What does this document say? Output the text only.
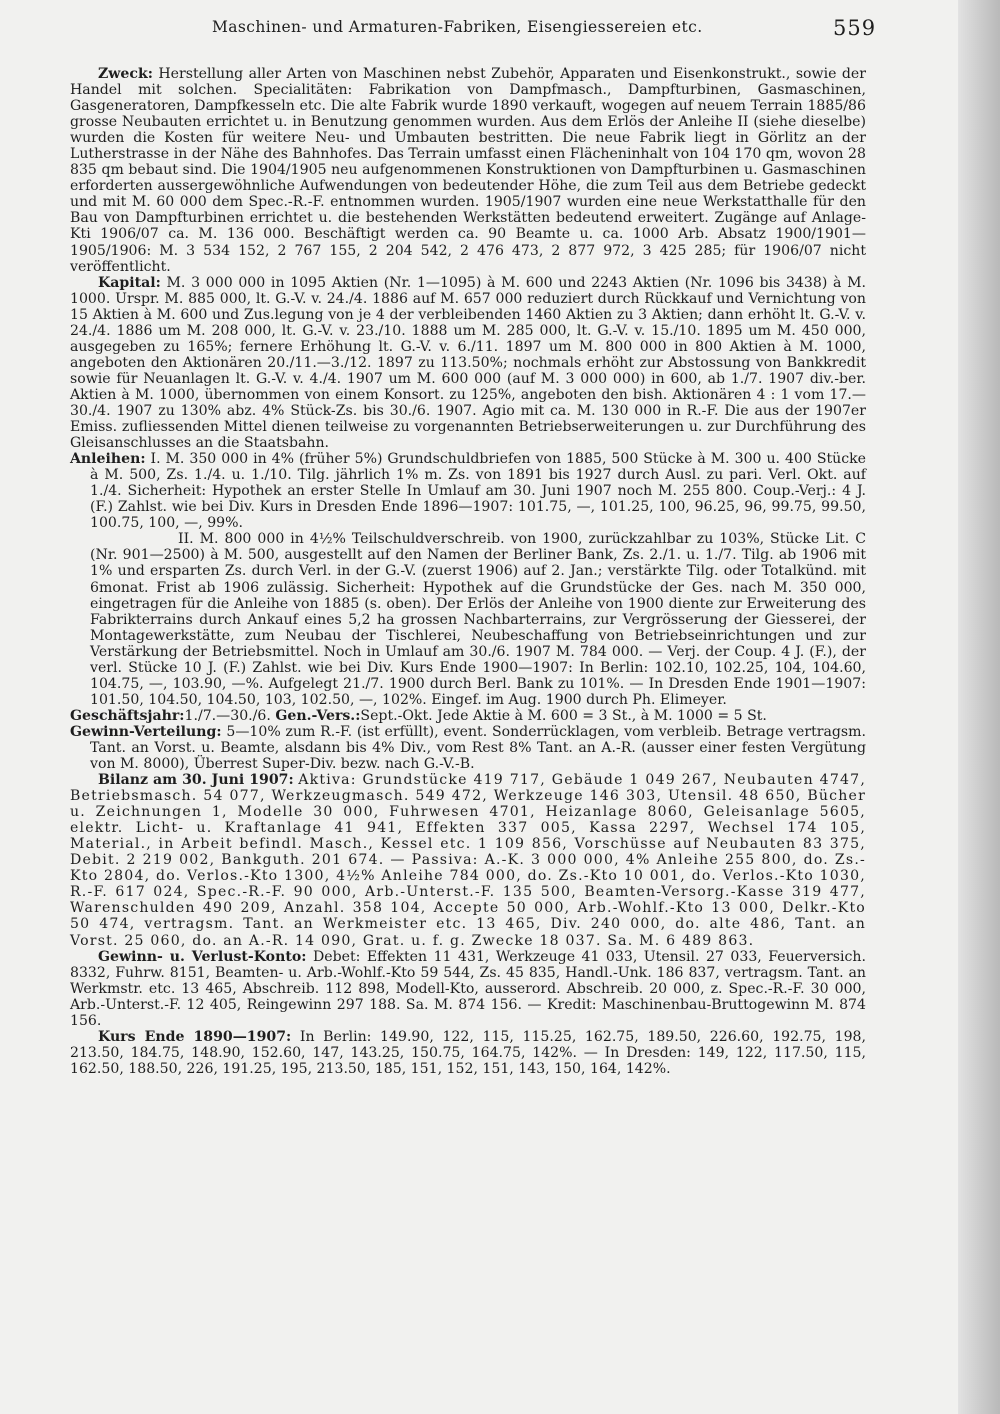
Maschinen- und Armaturen-Fabriken, Eisengiessereien etc.	559

Zweck: Herstellung aller Arten von Maschinen nebst Zubehör, Apparaten und Eisenkonstrukt., sowie der Handel mit solchen. Specialitäten: Fabrikation von Dampfmasch., Dampfturbinen, Gasmaschinen, Gasgeneratoren, Dampfkesseln etc. Die alte Fabrik wurde 1890 verkauft, wogegen auf neuem Terrain 1885/86 grosse Neubauten errichtet u. in Benutzung genommen wurden. Aus dem Erlös der Anleihe II (siehe dieselbe) wurden die Kosten für weitere Neu- und Umbauten bestritten. Die neue Fabrik liegt in Görlitz an der Lutherstrasse in der Nähe des Bahnhofes. Das Terrain umfasst einen Flächeninhalt von 104 170 qm, wovon 28 835 qm bebaut sind. Die 1904/1905 neu aufgenommenen Konstruktionen von Dampfturbinen u. Gasmaschinen erforderten aussergewöhnliche Aufwendungen von bedeutender Höhe, die zum Teil aus dem Betriebe gedeckt und mit M. 60 000 dem Spec.-R.-F. entnommen wurden. 1905/1907 wurden eine neue Werkstatthalle für den Bau von Dampfturbinen errichtet u. die bestehenden Werkstätten bedeutend erweitert. Zugänge auf Anlage-Kti 1906/07 ca. M. 136 000. Beschäftigt werden ca. 90 Beamte u. ca. 1000 Arb. Absatz 1900/1901—1905/1906: M. 3 534 152, 2 767 155, 2 204 542, 2 476 473, 2 877 972, 3 425 285; für 1906/07 nicht veröffentlicht.

Kapital: M. 3 000 000 in 1095 Aktien (Nr. 1—1095) à M. 600 und 2243 Aktien (Nr. 1096 bis 3438) à M. 1000. Urspr. M. 885 000, lt. G.-V. v. 24./4. 1886 auf M. 657 000 reduziert durch Rückkauf und Vernichtung von 15 Aktien à M. 600 und Zus.legung von je 4 der verbleibenden 1460 Aktien zu 3 Aktien; dann erhöht lt. G.-V. v. 24./4. 1886 um M. 208 000, lt. G.-V. v. 23./10. 1888 um M. 285 000, lt. G.-V. v. 15./10. 1895 um M. 450 000, ausgegeben zu 165%; fernere Erhöhung lt. G.-V. v. 6./11. 1897 um M. 800 000 in 800 Aktien à M. 1000, angeboten den Aktionären 20./11.—3./12. 1897 zu 113.50%; nochmals erhöht zur Abstossung von Bankkredit sowie für Neuanlagen lt. G.-V. v. 4./4. 1907 um M. 600 000 (auf M. 3 000 000) in 600, ab 1./7. 1907 div.-ber. Aktien à M. 1000, übernommen von einem Konsort. zu 125%, angeboten den bish. Aktionären 4 : 1 vom 17.—30./4. 1907 zu 130% abz. 4% Stück-Zs. bis 30./6. 1907. Agio mit ca. M. 130 000 in R.-F. Die aus der 1907er Emiss. zufliessenden Mittel dienen teilweise zu vorgenannten Betriebserweiterungen u. zur Durchführung des Gleisanschlusses an die Staatsbahn.

Anleihen: I. M. 350 000 in 4% (früher 5%) Grundschuldbriefen von 1885, 500 Stücke à M. 300 u. 400 Stücke à M. 500, Zs. 1./4. u. 1./10. Tilg. jährlich 1% m. Zs. von 1891 bis 1927 durch Ausl. zu pari. Verl. Okt. auf 1./4. Sicherheit: Hypothek an erster Stelle In Umlauf am 30. Juni 1907 noch M. 255 800. Coup.-Verj.: 4 J. (F.) Zahlst. wie bei Div. Kurs in Dresden Ende 1896—1907: 101.75, —, 101.25, 100, 96.25, 96, 99.75, 99.50, 100.75, 100, —, 99%.

II. M. 800 000 in 4½% Teilschuldverschreib. von 1900, zurückzahlbar zu 103%, Stücke Lit. C (Nr. 901—2500) à M. 500, ausgestellt auf den Namen der Berliner Bank, Zs. 2./1. u. 1./7. Tilg. ab 1906 mit 1% und ersparten Zs. durch Verl. in der G.-V. (zuerst 1906) auf 2. Jan.; verstärkte Tilg. oder Totalkünd. mit 6monat. Frist ab 1906 zulässig. Sicherheit: Hypothek auf die Grundstücke der Ges. nach M. 350 000, eingetragen für die Anleihe von 1885 (s. oben). Der Erlös der Anleihe von 1900 diente zur Erweiterung des Fabrikterrains durch Ankauf eines 5,2 ha grossen Nachbarterrains, zur Vergrösserung der Giesserei, der Montagewerkstätte, zum Neubau der Tischlerei, Neubeschaffung von Betriebseinrichtungen und zur Verstärkung der Betriebsmittel. Noch in Umlauf am 30./6. 1907 M. 784 000. — Verj. der Coup. 4 J. (F.), der verl. Stücke 10 J. (F.) Zahlst. wie bei Div. Kurs Ende 1900—1907: In Berlin: 102.10, 102.25, 104, 104.60, 104.75, —, 103.90, —%. Aufgelegt 21./7. 1900 durch Berl. Bank zu 101%. — In Dresden Ende 1901—1907: 101.50, 104.50, 104.50, 103, 102.50, —, 102%. Eingef. im Aug. 1900 durch Ph. Elimeyer.

Geschäftsjahr:1./7.—30./6. Gen.-Vers.:Sept.-Okt. Jede Aktie à M. 600 = 3 St., à M. 1000 = 5 St.

Gewinn-Verteilung: 5—10% zum R.-F. (ist erfüllt), event. Sonderrücklagen, vom verbleib. Betrage vertragsm. Tant. an Vorst. u. Beamte, alsdann bis 4% Div., vom Rest 8% Tant. an A.-R. (ausser einer festen Vergütung von M. 8000), Überrest Super-Div. bezw. nach G.-V.-B.

Bilanz am 30. Juni 1907: Aktiva: Grundstücke 419 717, Gebäude 1 049 267, Neubauten 4747, Betriebsmasch. 54 077, Werkzeugmasch. 549 472, Werkzeuge 146 303, Utensil. 48 650, Bücher u. Zeichnungen 1, Modelle 30 000, Fuhrwesen 4701, Heizanlage 8060, Geleisanlage 5605, elektr. Licht- u. Kraftanlage 41 941, Effekten 337 005, Kassa 2297, Wechsel 174 105, Material., in Arbeit befindl. Masch., Kessel etc. 1 109 856, Vorschüsse auf Neubauten 83 375, Debit. 2 219 002, Bankguth. 201 674. — Passiva: A.-K. 3 000 000, 4% Anleihe 255 800, do. Zs.-Kto 2804, do. Verlos.-Kto 1300, 4½% Anleihe 784 000, do. Zs.-Kto 10 001, do. Verlos.-Kto 1030, R.-F. 617 024, Spec.-R.-F. 90 000, Arb.-Unterst.-F. 135 500, Beamten-Versorg.-Kasse 319 477, Warenschulden 490 209, Anzahl. 358 104, Accepte 50 000, Arb.-Wohlf.-Kto 13 000, Delkr.-Kto 50 474, vertragsm. Tant. an Werkmeister etc. 13 465, Div. 240 000, do. alte 486, Tant. an Vorst. 25 060, do. an A.-R. 14 090, Grat. u. f. g. Zwecke 18 037. Sa. M. 6 489 863.

Gewinn- u. Verlust-Konto: Debet: Effekten 11 431, Werkzeuge 41 033, Utensil. 27 033, Feuerversich. 8332, Fuhrw. 8151, Beamten- u. Arb.-Wohlf.-Kto 59 544, Zs. 45 835, Handl.-Unk. 186 837, vertragsm. Tant. an Werkmstr. etc. 13 465, Abschreib. 112 898, Modell-Kto, ausserord. Abschreib. 20 000, z. Spec.-R.-F. 30 000, Arb.-Unterst.-F. 12 405, Reingewinn 297 188. Sa. M. 874 156. — Kredit: Maschinenbau-Bruttogewinn M. 874 156.

Kurs Ende 1890—1907: In Berlin: 149.90, 122, 115, 115.25, 162.75, 189.50, 226.60, 192.75, 198, 213.50, 184.75, 148.90, 152.60, 147, 143.25, 150.75, 164.75, 142%. — In Dresden: 149, 122, 117.50, 115, 162.50, 188.50, 226, 191.25, 195, 213.50, 185, 151, 152, 151, 143, 150, 164, 142%.
